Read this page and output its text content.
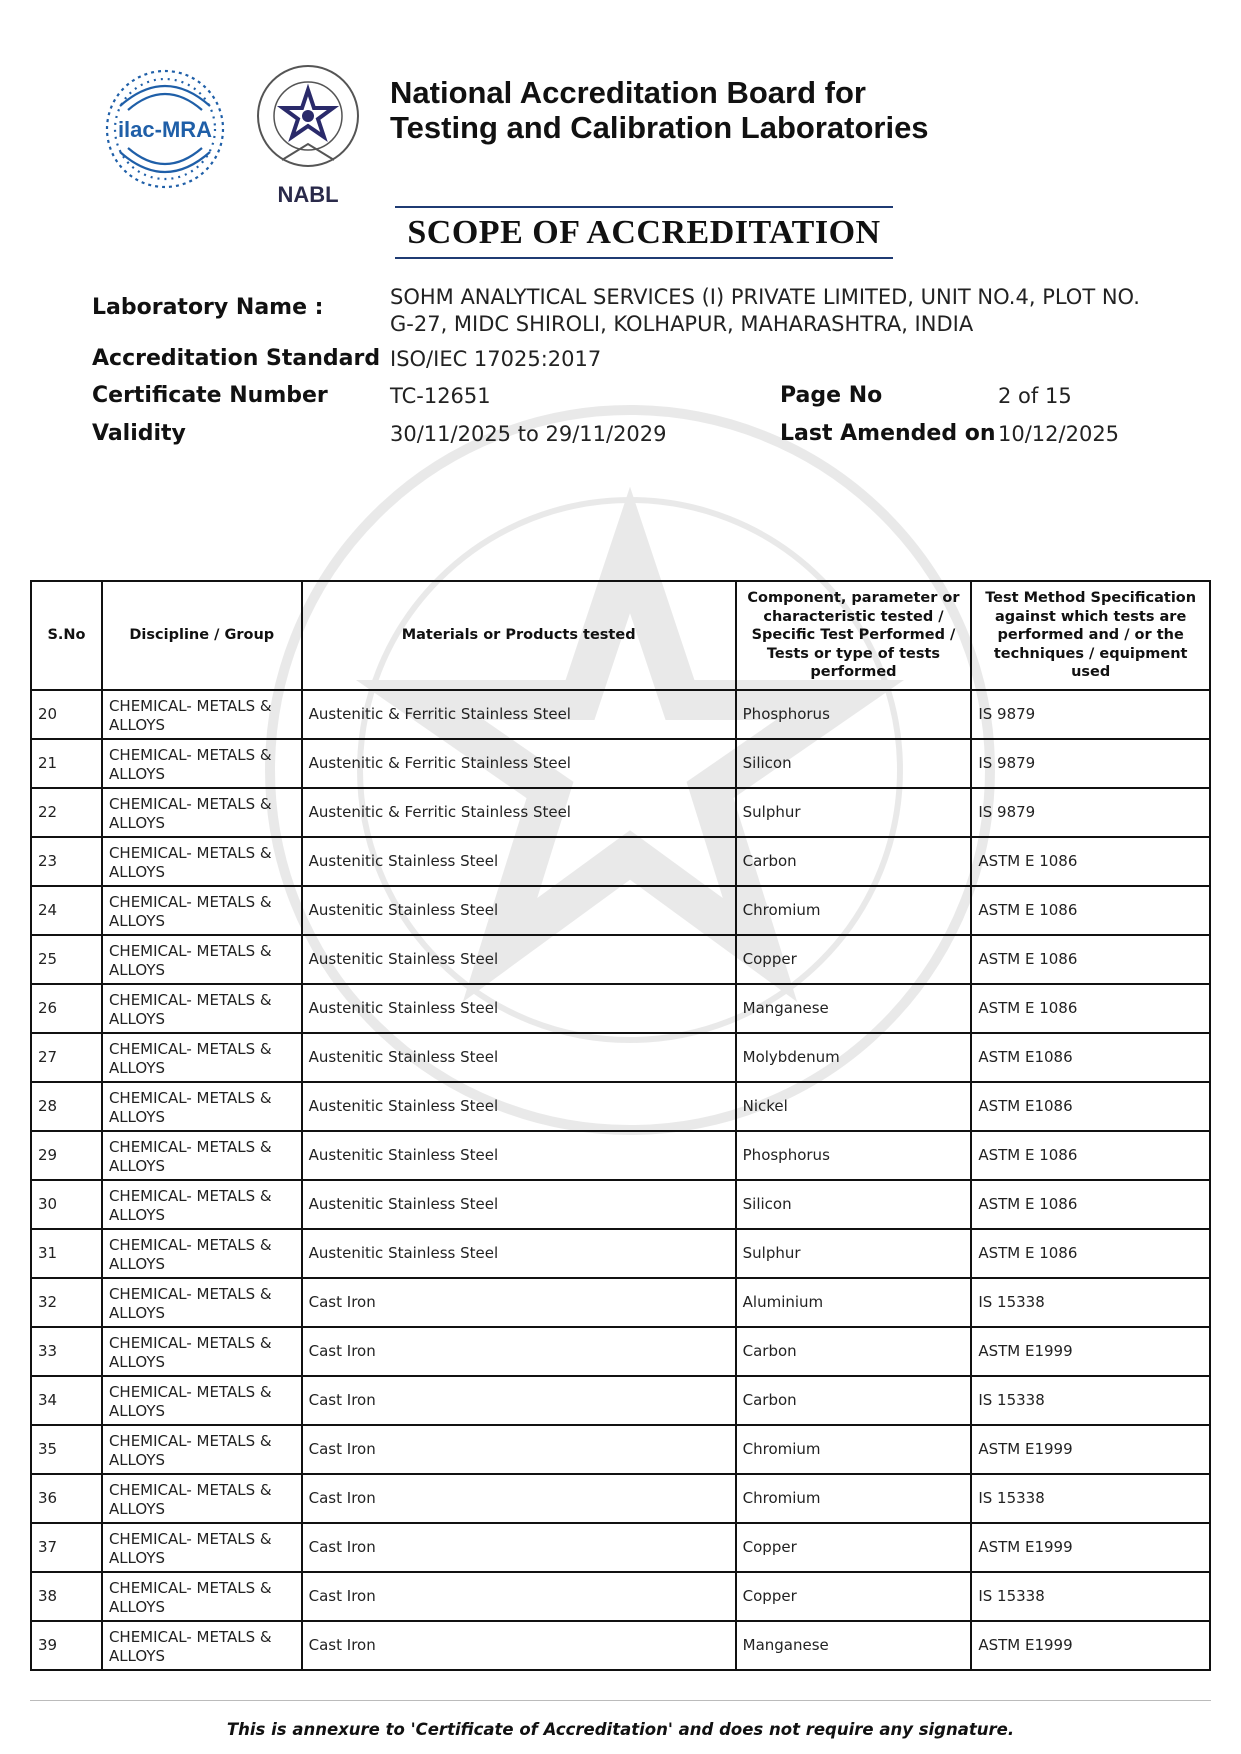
ilac-MRA
NABL
National Accreditation Board for
Testing and Calibration Laboratories
SCOPE OF ACCREDITATION
Laboratory Name :	SOHM ANALYTICAL SERVICES (I) PRIVATE LIMITED, UNIT NO.4, PLOT NO. G-27, MIDC SHIROLI, KOLHAPUR, MAHARASHTRA, INDIA
Accreditation Standard ISO/IEC 17025:2017
Certificate Number	TC-12651	Page No	2 of 15
Validity	30/11/2025 to 29/11/2029	Last Amended on 10/12/2025
S.No	Discipline / Group	Materials or Products tested	Component, parameter or characteristic tested / Specific Test Performed / Tests or type of tests performed	Test Method Specification against which tests are performed and / or the techniques / equipment used
20	CHEMICAL- METALS & ALLOYS	Austenitic & Ferritic Stainless Steel	Phosphorus	IS 9879
21	CHEMICAL- METALS & ALLOYS	Austenitic & Ferritic Stainless Steel	Silicon	IS 9879
22	CHEMICAL- METALS & ALLOYS	Austenitic & Ferritic Stainless Steel	Sulphur	IS 9879
23	CHEMICAL- METALS & ALLOYS	Austenitic Stainless Steel	Carbon	ASTM E 1086
24	CHEMICAL- METALS & ALLOYS	Austenitic Stainless Steel	Chromium	ASTM E 1086
25	CHEMICAL- METALS & ALLOYS	Austenitic Stainless Steel	Copper	ASTM E 1086
26	CHEMICAL- METALS & ALLOYS	Austenitic Stainless Steel	Manganese	ASTM E 1086
27	CHEMICAL- METALS & ALLOYS	Austenitic Stainless Steel	Molybdenum	ASTM E1086
28	CHEMICAL- METALS & ALLOYS	Austenitic Stainless Steel	Nickel	ASTM E1086
29	CHEMICAL- METALS & ALLOYS	Austenitic Stainless Steel	Phosphorus	ASTM E 1086
30	CHEMICAL- METALS & ALLOYS	Austenitic Stainless Steel	Silicon	ASTM E 1086
31	CHEMICAL- METALS & ALLOYS	Austenitic Stainless Steel	Sulphur	ASTM E 1086
32	CHEMICAL- METALS & ALLOYS	Cast Iron	Aluminium	IS 15338
33	CHEMICAL- METALS & ALLOYS	Cast Iron	Carbon	ASTM E1999
34	CHEMICAL- METALS & ALLOYS	Cast Iron	Carbon	IS 15338
35	CHEMICAL- METALS & ALLOYS	Cast Iron	Chromium	ASTM E1999
36	CHEMICAL- METALS & ALLOYS	Cast Iron	Chromium	IS 15338
37	CHEMICAL- METALS & ALLOYS	Cast Iron	Copper	ASTM E1999
38	CHEMICAL- METALS & ALLOYS	Cast Iron	Copper	IS 15338
39	CHEMICAL- METALS & ALLOYS	Cast Iron	Manganese	ASTM E1999
This is annexure to 'Certificate of Accreditation' and does not require any signature.
